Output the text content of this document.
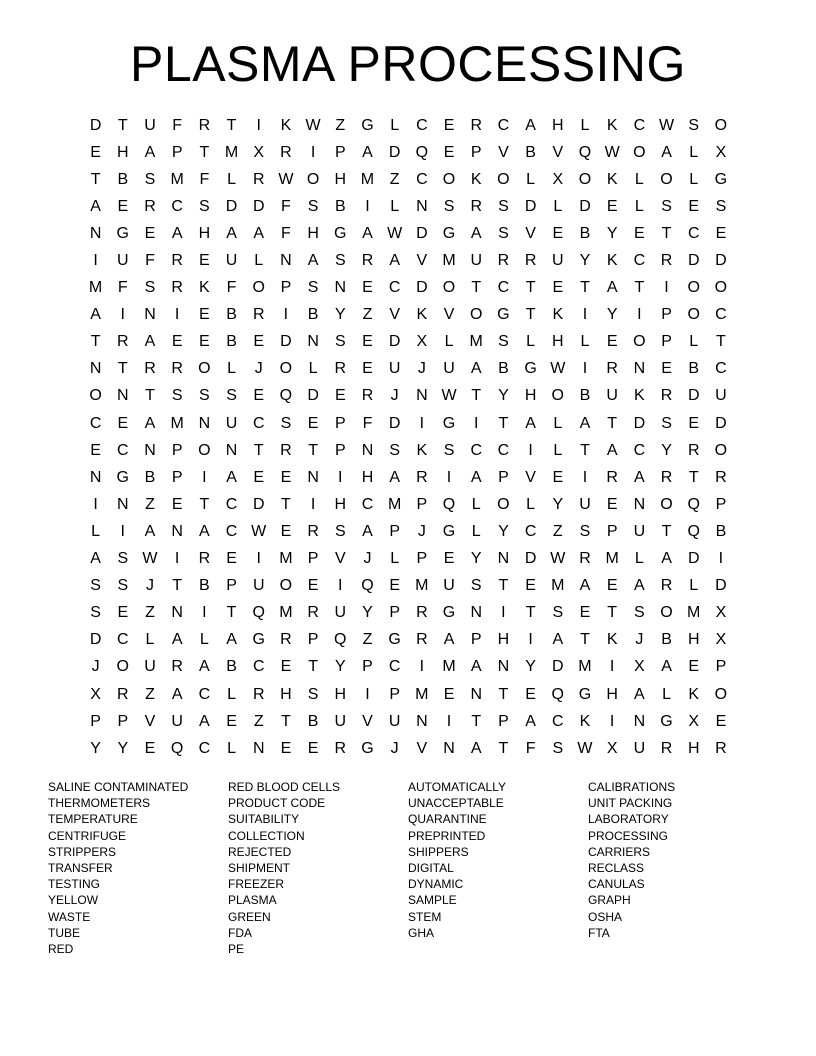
PLASMA PROCESSING
D	T	U	F	R	T	I	K W Z	G	L	C	E	R C	A	H	L	K	C W S O
E	H	A	P	T M X	R	I	P	A	D Q E	P	V	B	V Q W O A	L	X
T	B	S M F	L	R W O H M Z	C O K O	L	X O K	L	O	L	G
A	E	R C	S	D D	F	S	B	I	L	N	S	R	S	D	L	D	E	L	S	E	S
N G E	A	H	A	A	F	H G A W D G A	S	V	E	B	Y	E	T	C	E
I	U	F	R	E	U	L	N	A	S	R	A	V M U R R U	Y	K	C R D D
M F	S	R	K	F	O P	S	N	E	C D O	T	C	T	E	T	A	T	I	O O
A	I	N	I	E	B	R	I	B	Y	Z	V	K	V O G	T	K	I	Y	I	P O C
T	R	A	E	E	B	E	D N	S	E	D	X	L	M S	L	H	L	E O P	L	T
N	T	R R O	L	J	O	L	R	E	U	J	U	A	B G W	I	R N	E	B	C
O N	T	S	S	S	E Q D	E	R	J	N W T	Y	H O B	U	K	R D U
C	E	A M N U C	S	E	P	F	D	I	G	I	T	A	L	A	T	D	S	E	D
E	C N	P O N	T	R	T	P	N	S	K	S	C C	I	L	T	A	C	Y	R O
N G B	P	I	A	E	E	N	I	H	A	R	I	A	P	V	E	I	R	A	R	T	R
I	N	Z	E	T	C D	T	I	H C M P Q	L	O	L	Y	U	E	N O Q P
L	I	A	N	A	C W E	R	S	A	P	J	G	L	Y	C	Z	S	P	U	T	Q B
A	S W	I	R	E	I	M P	V	J	L	P	E	Y	N D W R M	L	A	D	I
S	S	J	T	B	P	U O E	I	Q E M U	S	T	E M A	E	A	R	L	D
S	E	Z	N	I	T	Q M R U	Y	P	R G N	I	T	S	E	T	S O M X
D C	L	A	L	A G R	P Q	Z	G R	A	P	H	I	A	T	K	J	B	H	X
J	O U R	A	B	C	E	T	Y	P	C	I	M A	N	Y	D M	I	X	A	E	P
X	R	Z	A	C	L	R H	S	H	I	P M E	N	T	E Q G H	A	L	K O
P	P	V	U	A	E	Z	T	B	U	V	U N	I	T	P	A	C	K	I	N G X	E
Y	Y	E Q C	L	N	E	E	R G	J	V	N	A	T	F	S W X	U R H R
SALINE CONTAMINATED
THERMOMETERS
TEMPERATURE
CENTRIFUGE
STRIPPERS
TRANSFER
TESTING
YELLOW
WASTE
TUBE
RED
RED BLOOD CELLS
PRODUCT CODE
SUITABILITY
COLLECTION
REJECTED
SHIPMENT
FREEZER
PLASMA
GREEN
FDA
PE
AUTOMATICALLY
UNACCEPTABLE
QUARANTINE
PREPRINTED
SHIPPERS
DIGITAL
DYNAMIC
SAMPLE
STEM
GHA
CALIBRATIONS
UNIT PACKING
LABORATORY
PROCESSING
CARRIERS
RECLASS
CANULAS
GRAPH
OSHA
FTA
